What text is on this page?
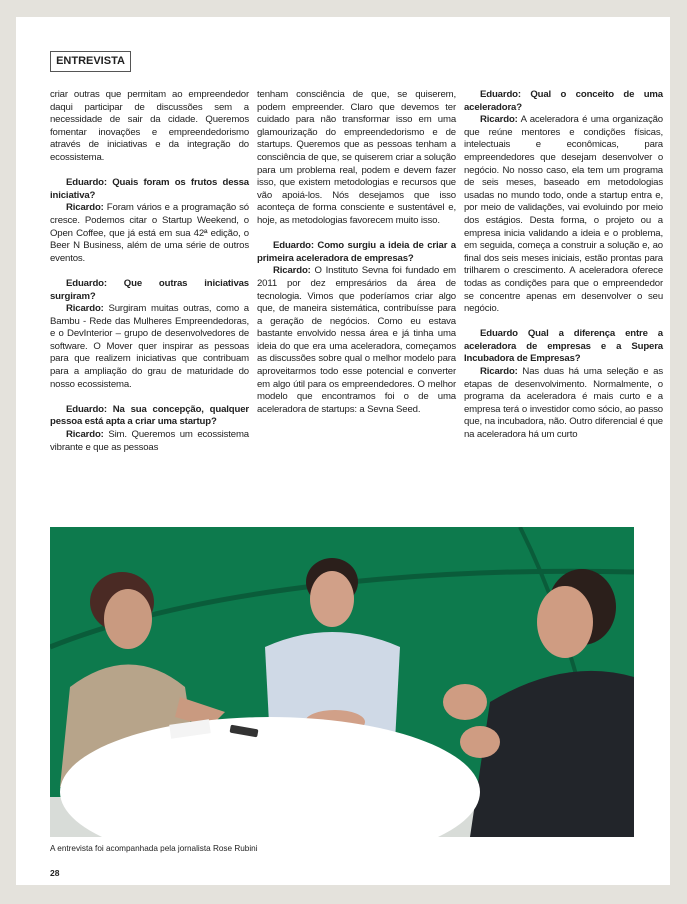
ENTREVISTA

criar outras que permitam ao empreendedor daqui participar de discussões sem a necessidade de sair da cidade. Queremos fomentar inovações e empreendedorismo através de iniciativas e da integração do ecossistema.

Eduardo: Quais foram os frutos dessa iniciativa?
Ricardo: Foram vários e a programação só cresce. Podemos citar o Startup Weekend, o Open Coffee, que já está em sua 42ª edição, o Beer N Business, além de uma série de outros eventos.

Eduardo: Que outras iniciativas surgiram?
Ricardo: Surgiram muitas outras, como a Bambu - Rede das Mulheres Empreendedoras, e o DevInterior – grupo de desenvolvedores de software. O Mover quer inspirar as pessoas para que realizem iniciativas que contribuam para a ampliação do grau de maturidade do nosso ecossistema.

Eduardo: Na sua concepção, qualquer pessoa está apta a criar uma startup?
Ricardo: Sim. Queremos um ecossistema vibrante e que as pessoas

tenham consciência de que, se quiserem, podem empreender. Claro que devemos ter cuidado para não transformar isso em uma glamourização do empreendedorismo e de startups. Queremos que as pessoas tenham a consciência de que, se quiserem criar a solução para um problema real, podem e devem fazer isso, que existem metodologias e recursos que vão apoiá-los. Nós desejamos que isso aconteça de forma consciente e sustentável e, hoje, as metodologias favorecem muito isso.

Eduardo: Como surgiu a ideia de criar a primeira aceleradora de empresas?
Ricardo: O Instituto Sevna foi fundado em 2011 por dez empresários da área de tecnologia. Vimos que poderíamos criar algo que, de maneira sistemática, contribuísse para a geração de negócios. Como eu estava bastante envolvido nessa área e já tinha uma ideia do que era uma aceleradora, começamos as discussões sobre qual o melhor modelo para aproveitarmos todo esse potencial e converter em algo útil para os empreendedores. O melhor modelo que encontramos foi o de uma aceleradora de startups: a Sevna Seed.

Eduardo: Qual o conceito de uma aceleradora?
Ricardo: A aceleradora é uma organização que reúne mentores e condições físicas, intelectuais e econômicas, para empreendedores que desejam desenvolver o negócio. No nosso caso, ela tem um programa de seis meses, baseado em metodologias usadas no mundo todo, onde a startup entra e, por meio de validações, vai evoluindo por meio dos estágios. Desta forma, o projeto ou a empresa inicia validando a ideia e o problema, em seguida, começa a construir a solução e, ao final dos seis meses iniciais, estão prontas para trilharem o crescimento. A aceleradora oferece todas as condições para que o empreendedor se concentre apenas em desenvolver o seu negócio.

Eduardo Qual a diferença entre a aceleradora de empresas e a Supera Incubadora de Empresas?
Ricardo: Nas duas há uma seleção e as etapas de desenvolvimento. Normalmente, o programa da aceleradora é mais curto e a empresa terá o investidor como sócio, ao passo que, na incubadora, não. Outro diferencial é que na aceleradora há um curto

A entrevista foi acompanhada pela jornalista Rose Rubini
28
